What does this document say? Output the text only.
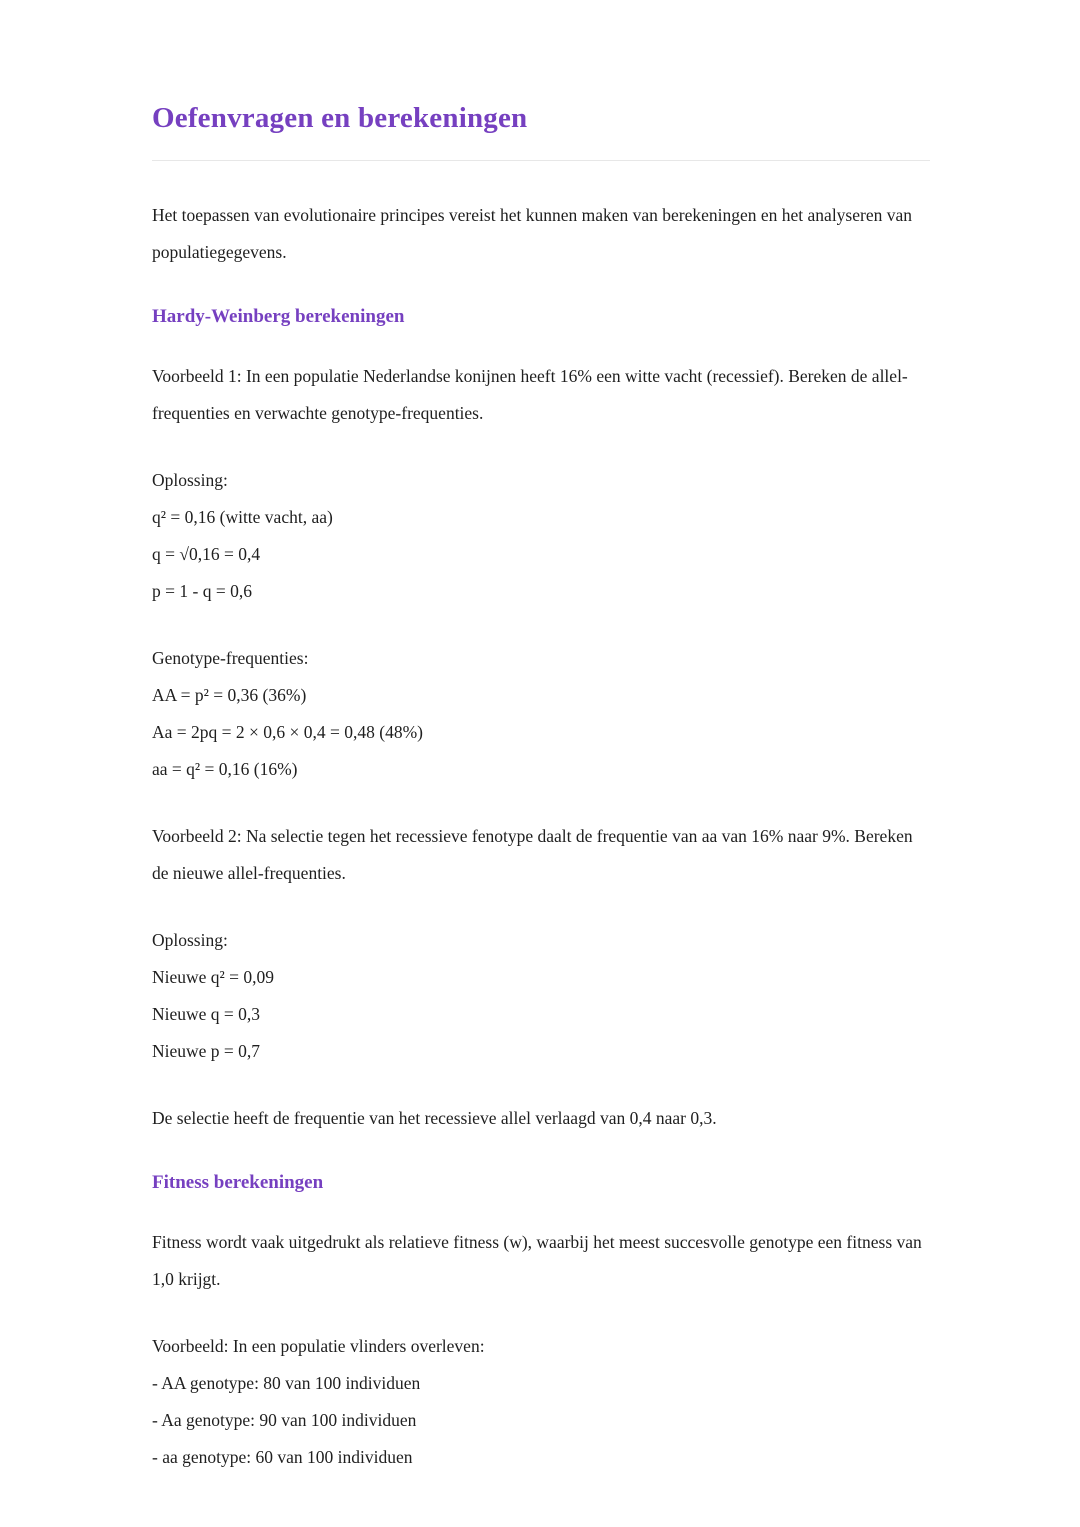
Oefenvragen en berekeningen

Het toepassen van evolutionaire principes vereist het kunnen maken van berekeningen en het analyseren van populatiegegevens.

Hardy-Weinberg berekeningen

Voorbeeld 1: In een populatie Nederlandse konijnen heeft 16% een witte vacht (recessief). Bereken de allel-frequenties en verwachte genotype-frequenties.

Oplossing:
q² = 0,16 (witte vacht, aa)
q = √0,16 = 0,4
p = 1 - q = 0,6
Genotype-frequenties:
AA = p² = 0,36 (36%)
Aa = 2pq = 2 × 0,6 × 0,4 = 0,48 (48%)
aa = q² = 0,16 (16%)

Voorbeeld 2: Na selectie tegen het recessieve fenotype daalt de frequentie van aa van 16% naar 9%. Bereken de nieuwe allel-frequenties.

Oplossing:
Nieuwe q² = 0,09
Nieuwe q = 0,3
Nieuwe p = 0,7

De selectie heeft de frequentie van het recessieve allel verlaagd van 0,4 naar 0,3.

Fitness berekeningen

Fitness wordt vaak uitgedrukt als relatieve fitness (w), waarbij het meest succesvolle genotype een fitness van 1,0 krijgt.

Voorbeeld: In een populatie vlinders overleven:
- AA genotype: 80 van 100 individuen
- Aa genotype: 90 van 100 individuen
- aa genotype: 60 van 100 individuen
